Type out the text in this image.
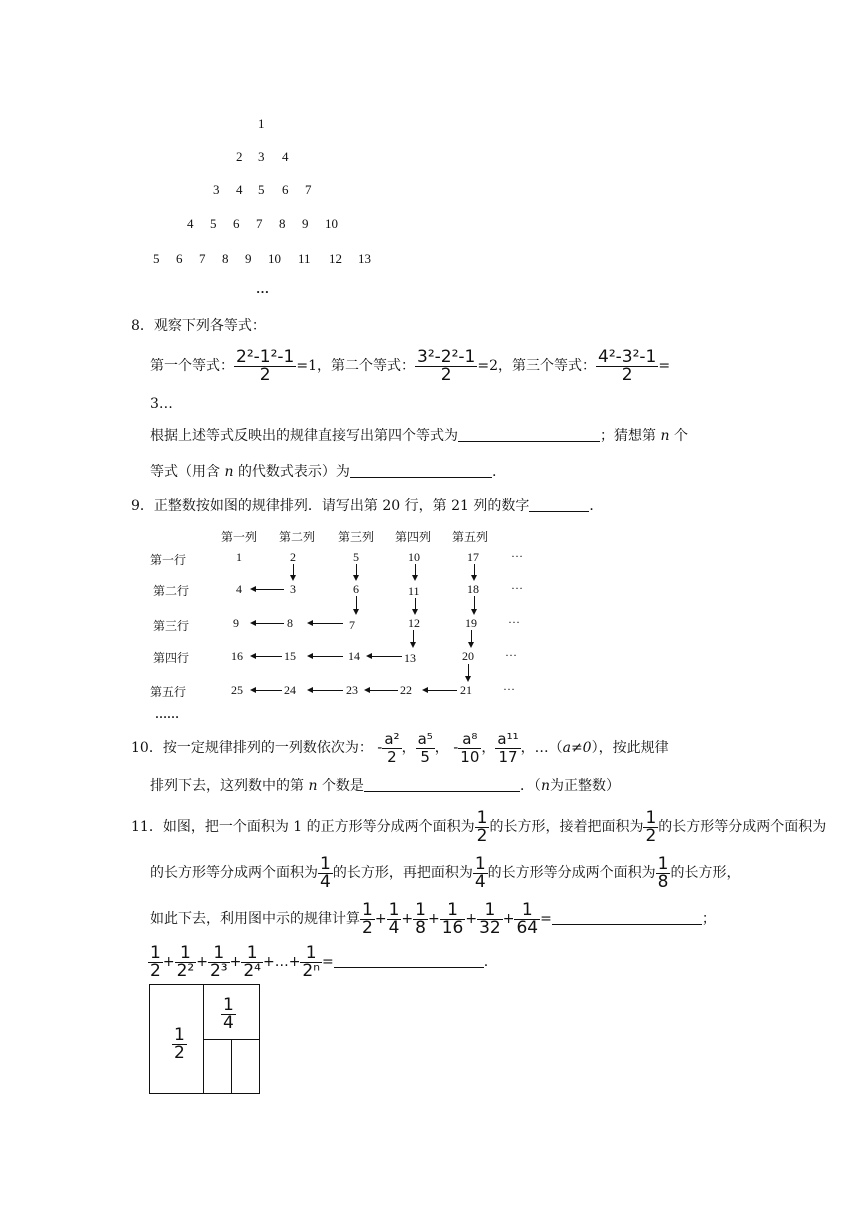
1
2 3 4
3 4 5 6 7
4 5 6 7 8 9 10
5 6 7 8 9 10 11 12 13
…
8．观察下列各等式：
第一个等式： $\frac{\text{2²-1²-1}}{2} =1$，第二个等式： $\frac{\text{3²-2²-1}}{2} =2$，第三个等式： $\frac{\text{4²-3²-1}}{2}$ =
3…
根据上述等式反映出的规律直接写出第四个等式为	；猜想第 n 个
等式（用含 n 的代数式表示）为	.
9．正整数按如图的规律排列．请写出第 20 行，第 21 列的数字	．
第一列 第二列 第三列 第四列 第五列
第一行
第二行
第三行
第四行
第五行
1	2	5	10	17	…
4	3	6	11	18	…
9	8	7	12	19	…
16	15	14	13	20	…
25	24	23	22	21	…
……
10．按一定规律排列的一列数依次为： - $\frac{\text{a²}}{2}$ ， $\frac{\text{a⁵}}{5}$ ， - $\frac{\text{a⁸}}{10}$ ， $\frac{\text{a¹¹}}{17}$ ，…（a≠0），按此规律
排列下去，这列数中的第 n 个数是	．（n为正整数）
11．如图，把一个面积为 1 的正方形等分成两个面积为 $\frac{1}{2}$ 的长方形，接着把面积为 $\frac{1}{2}$ 的长方形等分成两个面积为
的长方形等分成两个面积为 $\frac{1}{4}$ 的长方形，再把面积为 $\frac{1}{4}$ 的长方形等分成两个面积为 $\frac{1}{8}$ 的长方形，
如此下去，利用图中示的规律计算 $\frac{1}{2} + \frac{1}{4} + \frac{1}{8} + \frac{1}{16} + \frac{1}{32} + \frac{1}{64}$ =	；
$\frac{1}{2} + \frac{1}{\text{2²}} + \frac{1}{\text{2³}} + \frac{1}{\text{2⁴}}$ +…+ $\frac{1}{\text{2ⁿ}}$ =	.
$\frac{1}{2}$
$\frac{1}{4}$
